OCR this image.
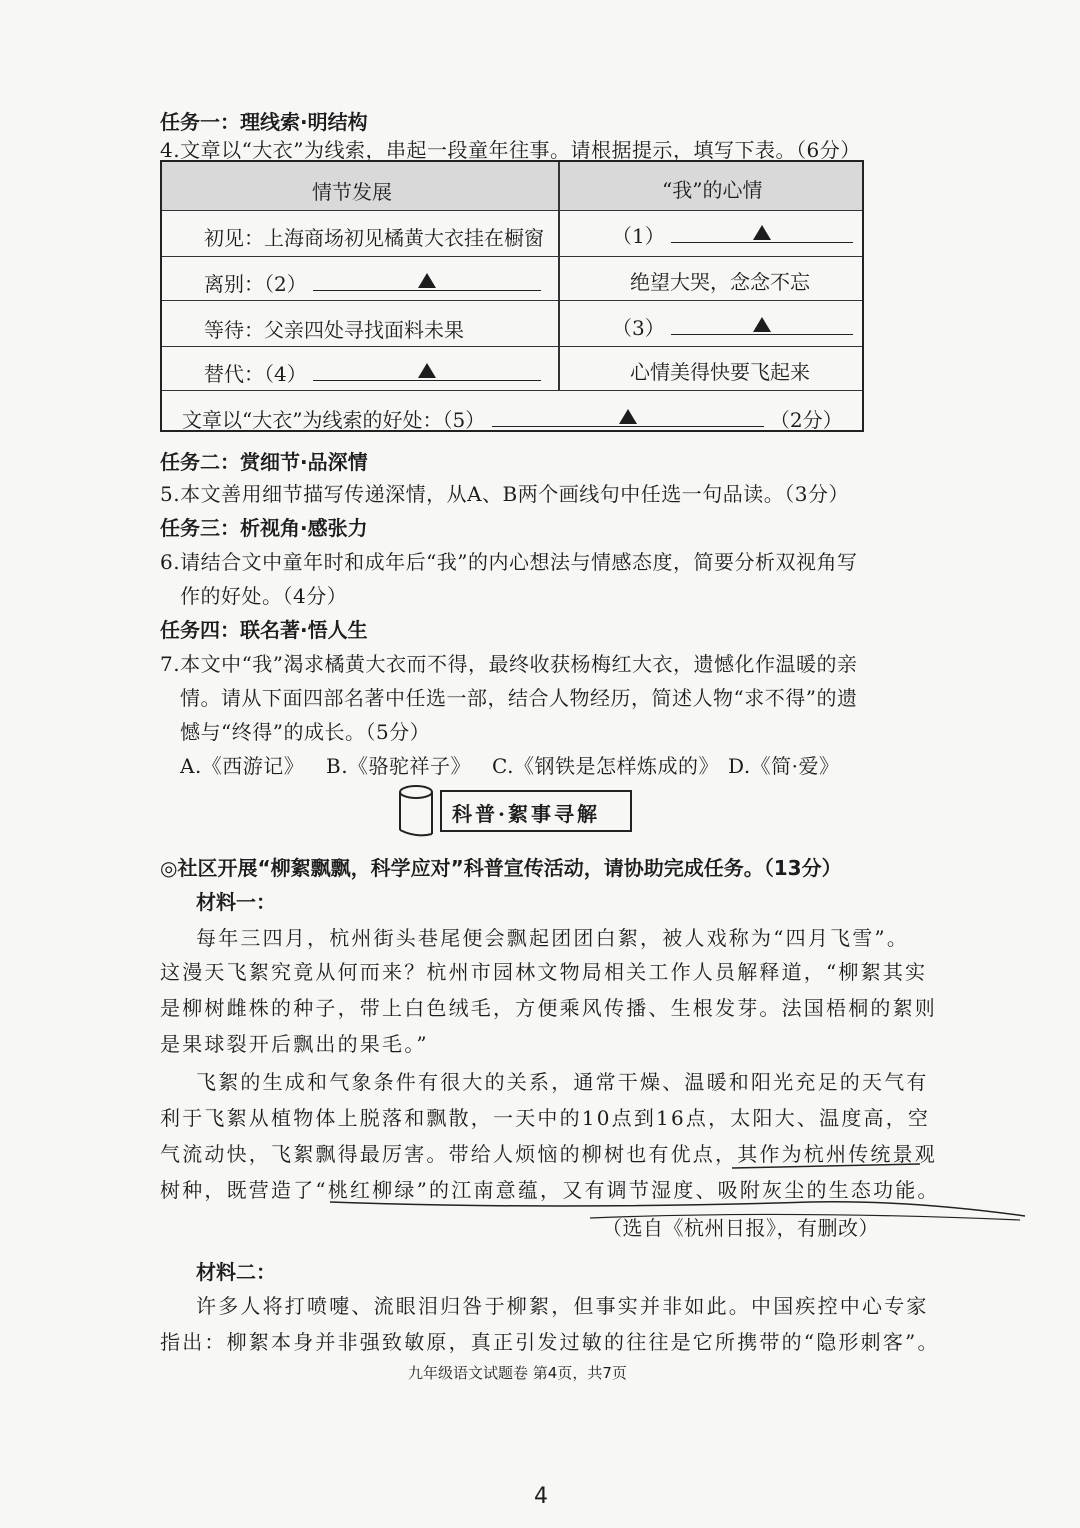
任务一：理线索·明结构
4.文章以“大衣”为线索，串起一段童年往事。请根据提示，填写下表。（6分）
情节发展	“我”的心情
初见：上海商场初见橘黄大衣挂在橱窗	（1）
离别：（2）	绝望大哭，念念不忘
等待：父亲四处寻找面料未果	（3）
替代：（4）	心情美得快要飞起来
文章以“大衣”为线索的好处：（5）	（2分）
任务二：赏细节·品深情
5.本文善用细节描写传递深情，从A、B两个画线句中任选一句品读。（3分）
任务三：析视角·感张力
6.请结合文中童年时和成年后“我”的内心想法与情感态度，简要分析双视角写
作的好处。（4分）
任务四：联名著·悟人生
7.本文中“我”渴求橘黄大衣而不得，最终收获杨梅红大衣，遗憾化作温暖的亲
情。请从下面四部名著中任选一部，结合人物经历，简述人物“求不得”的遗
憾与“终得”的成长。（5分）
A.《西游记》 B.《骆驼祥子》 C.《钢铁是怎样炼成的》 D.《简·爱》
科普·絮事寻解
◎社区开展“柳絮飘飘，科学应对”科普宣传活动，请协助完成任务。（13分）
材料一：
每年三四月，杭州街头巷尾便会飘起团团白絮，被人戏称为“四月飞雪”。
这漫天飞絮究竟从何而来？杭州市园林文物局相关工作人员解释道，“柳絮其实
是柳树雌株的种子，带上白色绒毛，方便乘风传播、生根发芽。法国梧桐的絮则
是果球裂开后飘出的果毛。”
飞絮的生成和气象条件有很大的关系，通常干燥、温暖和阳光充足的天气有
利于飞絮从植物体上脱落和飘散，一天中的10点到16点，太阳大、温度高，空
气流动快，飞絮飘得最厉害。带给人烦恼的柳树也有优点，其作为杭州传统景观
树种，既营造了“桃红柳绿”的江南意蕴，又有调节湿度、吸附灰尘的生态功能。
（选自《杭州日报》，有删改）
材料二：
许多人将打喷嚏、流眼泪归咎于柳絮，但事实并非如此。中国疾控中心专家
指出：柳絮本身并非强致敏原，真正引发过敏的往往是它所携带的“隐形刺客”。
九年级语文试题卷 第4页，共7页
4
